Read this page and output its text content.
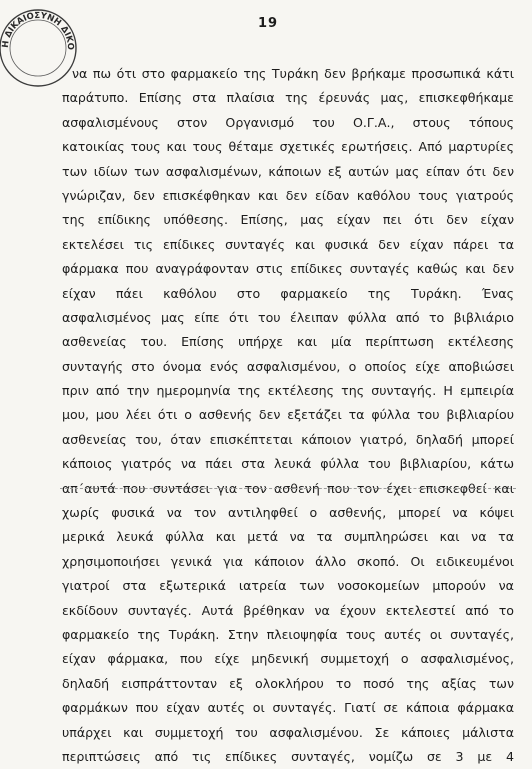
19
Η ΔΙΚΑΙΟΣΥΝΗ ΔΙΚΟ
να πω ότι στο φαρμακείο της Τυράκη δεν βρήκαμε προσωπικά κάτι
παράτυπο. Επίσης στα πλαίσια της έρευνάς μας, επισκεφθήκαμε
ασφαλισμένους στον Οργανισμό του Ο.Γ.Α., στους τόπους
κατοικίας τους και τους θέταμε σχετικές ερωτήσεις. Από μαρτυρίες
των ιδίων των ασφαλισμένων, κάποιων εξ αυτών μας είπαν ότι δεν
γνώριζαν, δεν επισκέφθηκαν και δεν είδαν καθόλου τους γιατρούς
της επίδικης υπόθεσης. Επίσης, μας είχαν πει ότι δεν είχαν
εκτελέσει τις επίδικες συνταγές και φυσικά δεν είχαν πάρει τα
φάρμακα που αναγράφονταν στις επίδικες συνταγές καθώς και δεν
είχαν πάει καθόλου στο φαρμακείο της Τυράκη. Ένας
ασφαλισμένος μας είπε ότι του έλειπαν φύλλα από το βιβλιάριο
ασθενείας του. Επίσης υπήρχε και μία περίπτωση εκτέλεσης
συνταγής στο όνομα ενός ασφαλισμένου, ο οποίος είχε αποβιώσει
πριν από την ημερομηνία της εκτέλεσης της συνταγής. Η εμπειρία
μου, μου λέει ότι ο ασθενής δεν εξετάζει τα φύλλα του βιβλιαρίου
ασθενείας του, όταν επισκέπτεται κάποιον γιατρό, δηλαδή μπορεί
κάποιος γιατρός να πάει στα λευκά φύλλα του βιβλιαρίου, κάτω
απ΄αυτά που συντάσει για τον ασθενή που τον έχει επισκεφθεί και
χωρίς φυσικά να τον αντιληφθεί ο ασθενής, μπορεί να κόψει
μερικά λευκά φύλλα και μετά να τα συμπληρώσει και να τα
χρησιμοποιήσει γενικά για κάποιον άλλο σκοπό. Οι ειδικευμένοι
γιατροί στα εξωτερικά ιατρεία των νοσοκομείων μπορούν να
εκδίδουν συνταγές. Αυτά βρέθηκαν να έχουν εκτελεστεί από το
φαρμακείο της Τυράκη. Στην πλειοψηφία τους αυτές οι συνταγές,
είχαν φάρμακα, που είχε μηδενική συμμετοχή ο ασφαλισμένος,
δηλαδή εισπράττονταν εξ ολοκλήρου το ποσό της αξίας των
φαρμάκων που είχαν αυτές οι συνταγές. Γιατί σε κάποια φάρμακα
υπάρχει και συμμετοχή του ασφαλισμένου. Σε κάποιες μάλιστα
περιπτώσεις από τις επίδικες συνταγές, νομίζω σε 3 με 4
